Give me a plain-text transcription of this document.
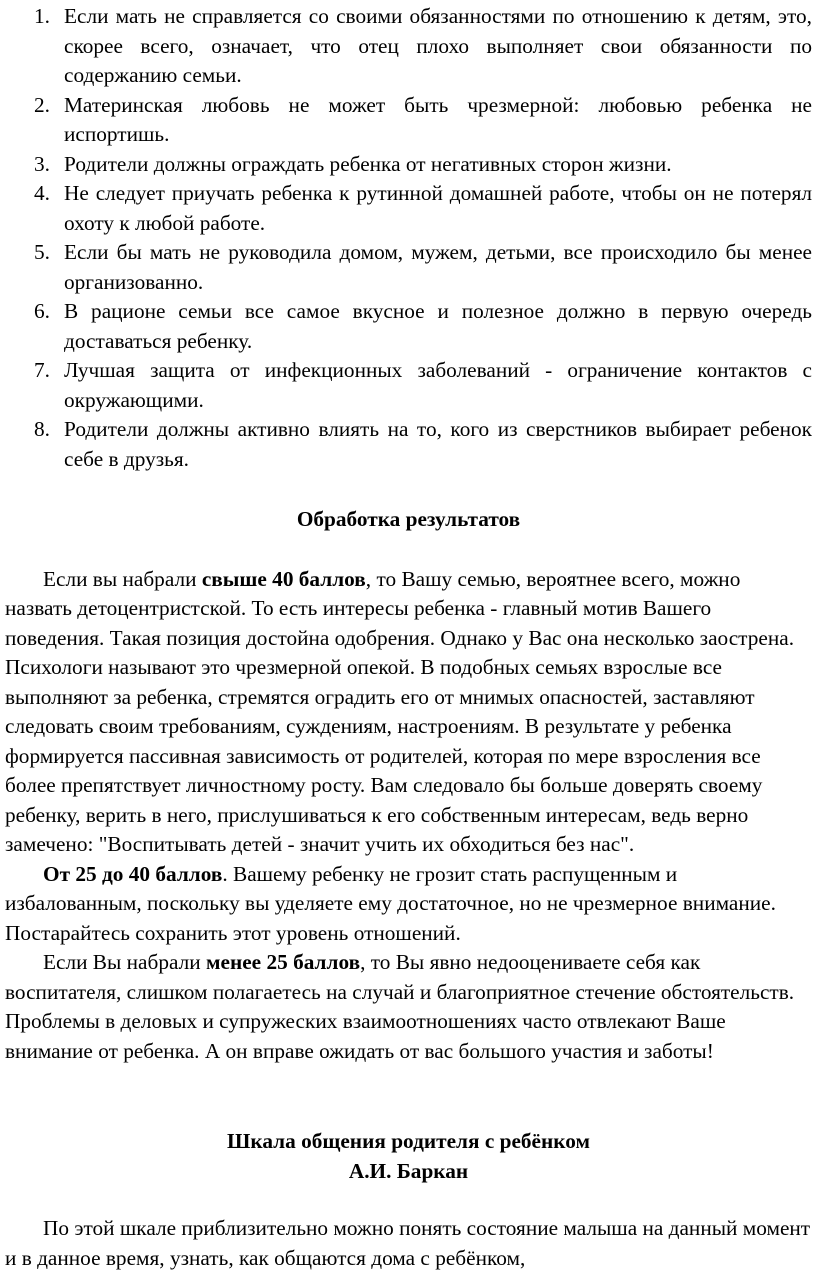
1. Если мать не справляется со своими обязанностями по отношению к детям, это, скорее всего, означает, что отец плохо выполняет свои обязанности по содержанию семьи.
2. Материнская любовь не может быть чрезмерной: любовью ребенка не испортишь.
3. Родители должны ограждать ребенка от негативных сторон жизни.
4. Не следует приучать ребенка к рутинной домашней работе, чтобы он не потерял охоту к любой работе.
5. Если бы мать не руководила домом, мужем, детьми, все происходило бы менее организованно.
6. В рационе семьи все самое вкусное и полезное должно в первую очередь доставаться ребенку.
7. Лучшая защита от инфекционных заболеваний - ограничение контактов с окружающими.
8. Родители должны активно влиять на то, кого из сверстников выбирает ребенок себе в друзья.

Обработка результатов

Если вы набрали свыше 40 баллов, то Вашу семью, вероятнее всего, можно назвать детоцентристской. То есть интересы ребенка - главный мотив Вашего поведения. Такая позиция достойна одобрения. Однако у Вас она несколько заострена. Психологи называют это чрезмерной опекой. В подобных семьях взрослые все выполняют за ребенка, стремятся оградить его от мнимых опасностей, заставляют следовать своим требованиям, суждениям, настроениям. В результате у ребенка формируется пассивная зависимость от родителей, которая по мере взросления все более препятствует личностному росту. Вам следовало бы больше доверять своему ребенку, верить в него, прислушиваться к его собственным интересам, ведь верно замечено: "Воспитывать детей - значит учить их обходиться без нас".

От 25 до 40 баллов. Вашему ребенку не грозит стать распущенным и избалованным, поскольку вы уделяете ему достаточное, но не чрезмерное внимание. Постарайтесь сохранить этот уровень отношений.

Если Вы набрали менее 25 баллов, то Вы явно недооцениваете себя как воспитателя, слишком полагаетесь на случай и благоприятное стечение обстоятельств. Проблемы в деловых и супружеских взаимоотношениях часто отвлекают Ваше внимание от ребенка. А он вправе ожидать от вас большого участия и заботы!

Шкала общения родителя с ребёнком

А.И. Баркан

По этой шкале приблизительно можно понять состояние малыша на данный момент и в данное время, узнать, как общаются дома с ребёнком,
